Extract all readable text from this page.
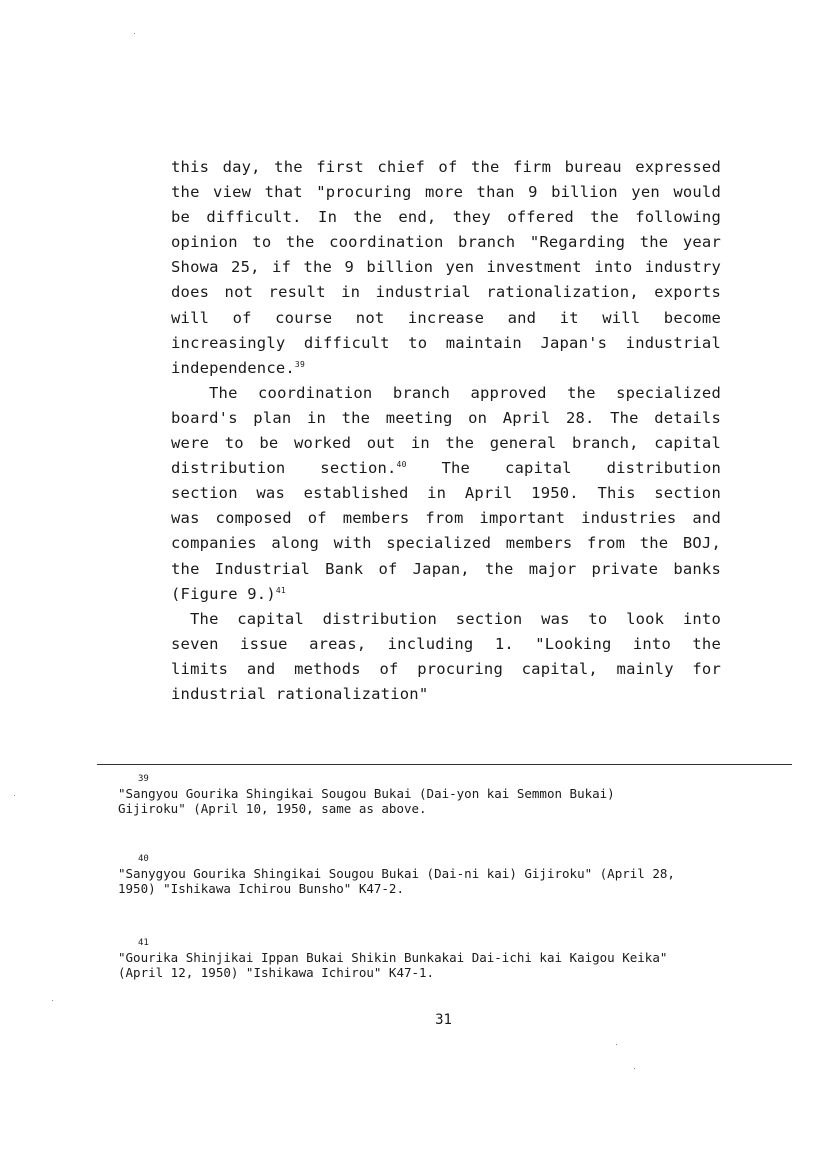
this day, the first chief of the firm bureau expressed
the view that "procuring more than 9 billion yen would
be difficult. In the end, they offered the following
opinion to the coordination branch "Regarding the year
Showa 25, if the 9 billion yen investment into industry
does not result in industrial rationalization, exports
will of course not increase and it will become
increasingly difficult to maintain Japan's industrial
independence.$^{39}$
The coordination branch approved the specialized
board's plan in the meeting on April 28. The details
were to be worked out in the general branch, capital
distribution section.$^{40}$ The capital distribution
section was established in April 1950. This section
was composed of members from important industries and
companies along with specialized members from the BOJ,
the Industrial Bank of Japan, the major private banks
(Figure 9.)$^{41}$
The capital distribution section was to look into
seven issue areas, including 1. "Looking into the
limits and methods of procuring capital, mainly for
industrial rationalization"
39
"Sangyou Gourika Shingikai Sougou Bukai (Dai-yon kai Semmon Bukai)
Gijiroku" (April 10, 1950, same as above.
40
"Sanygyou Gourika Shingikai Sougou Bukai (Dai-ni kai) Gijiroku" (April 28,
1950) "Ishikawa Ichirou Bunsho" K47-2.
41
"Gourika Shinjikai Ippan Bukai Shikin Bunkakai Dai-ichi kai Kaigou Keika"
(April 12, 1950) "Ishikawa Ichirou" K47-1.
31
